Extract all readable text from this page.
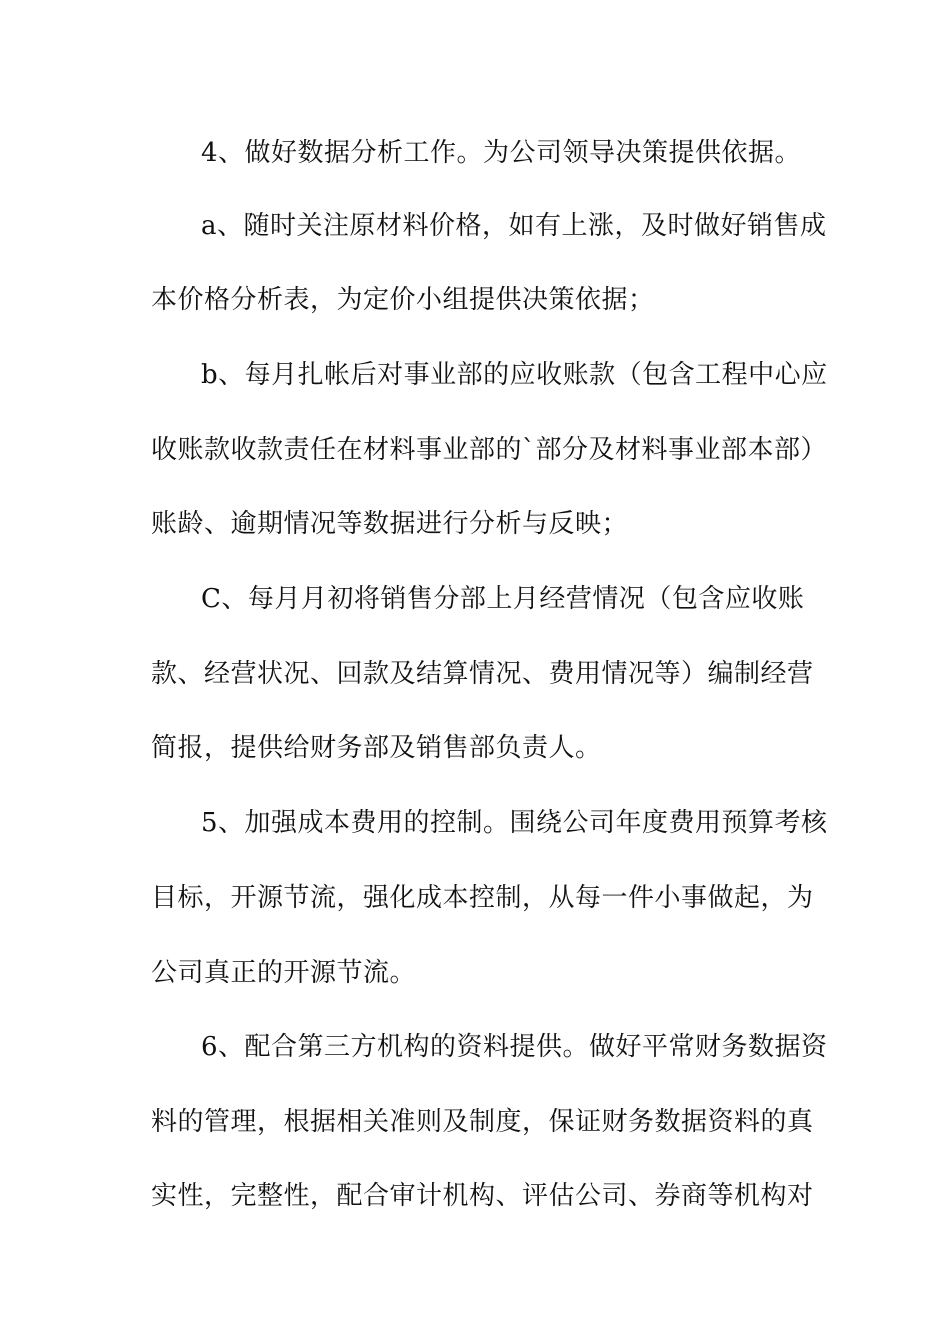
4、做好数据分析工作。为公司领导决策提供依据。
a、随时关注原材料价格，如有上涨，及时做好销售成
本价格分析表，为定价小组提供决策依据；
b、每月扎帐后对事业部的应收账款（包含工程中心应
收账款收款责任在材料事业部的`部分及材料事业部本部）
账龄、逾期情况等数据进行分析与反映；
C、每月月初将销售分部上月经营情况（包含应收账
款、经营状况、回款及结算情况、费用情况等）编制经营
简报，提供给财务部及销售部负责人。
5、加强成本费用的控制。围绕公司年度费用预算考核
目标，开源节流，强化成本控制，从每一件小事做起，为
公司真正的开源节流。
6、配合第三方机构的资料提供。做好平常财务数据资
料的管理，根据相关准则及制度，保证财务数据资料的真
实性，完整性，配合审计机构、评估公司、券商等机构对
